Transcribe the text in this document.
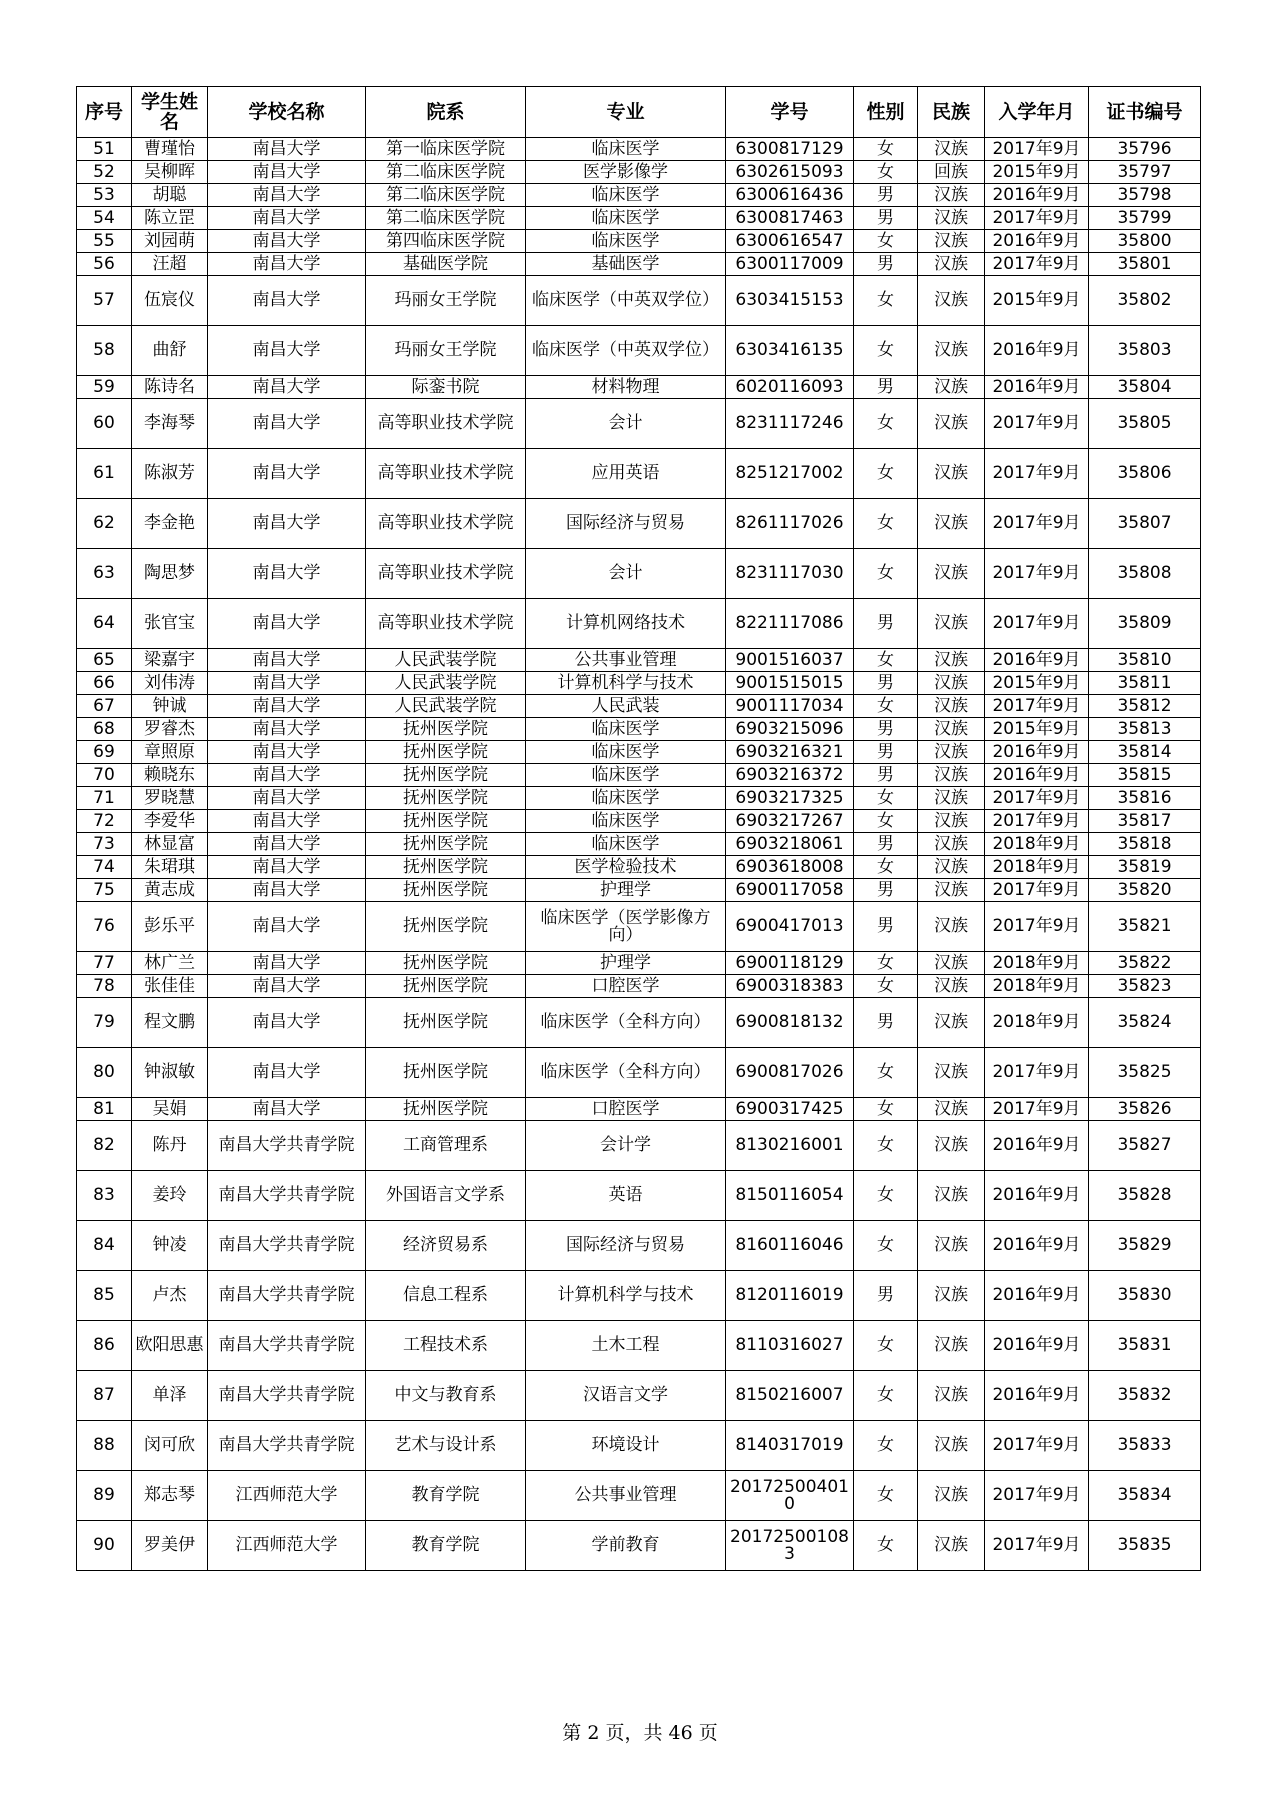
序号	学生姓名	学校名称	院系	专业	学号	性别	民族	入学年月	证书编号
51	曹瑾怡	南昌大学	第一临床医学院	临床医学	6300817129	女	汉族	2017年9月	35796
52	吴柳晖	南昌大学	第二临床医学院	医学影像学	6302615093	女	回族	2015年9月	35797
53	胡聪	南昌大学	第二临床医学院	临床医学	6300616436	男	汉族	2016年9月	35798
54	陈立罡	南昌大学	第二临床医学院	临床医学	6300817463	男	汉族	2017年9月	35799
55	刘园萌	南昌大学	第四临床医学院	临床医学	6300616547	女	汉族	2016年9月	35800
56	汪超	南昌大学	基础医学院	基础医学	6300117009	男	汉族	2017年9月	35801
57	伍宸仪	南昌大学	玛丽女王学院	临床医学（中英双学位）	6303415153	女	汉族	2015年9月	35802
58	曲舒	南昌大学	玛丽女王学院	临床医学（中英双学位）	6303416135	女	汉族	2016年9月	35803
59	陈诗名	南昌大学	际銮书院	材料物理	6020116093	男	汉族	2016年9月	35804
60	李海琴	南昌大学	高等职业技术学院	会计	8231117246	女	汉族	2017年9月	35805
61	陈淑芳	南昌大学	高等职业技术学院	应用英语	8251217002	女	汉族	2017年9月	35806
62	李金艳	南昌大学	高等职业技术学院	国际经济与贸易	8261117026	女	汉族	2017年9月	35807
63	陶思梦	南昌大学	高等职业技术学院	会计	8231117030	女	汉族	2017年9月	35808
64	张官宝	南昌大学	高等职业技术学院	计算机网络技术	8221117086	男	汉族	2017年9月	35809
65	梁嘉宇	南昌大学	人民武装学院	公共事业管理	9001516037	女	汉族	2016年9月	35810
66	刘伟涛	南昌大学	人民武装学院	计算机科学与技术	9001515015	男	汉族	2015年9月	35811
67	钟诚	南昌大学	人民武装学院	人民武装	9001117034	女	汉族	2017年9月	35812
68	罗睿杰	南昌大学	抚州医学院	临床医学	6903215096	男	汉族	2015年9月	35813
69	章照原	南昌大学	抚州医学院	临床医学	6903216321	男	汉族	2016年9月	35814
70	赖晓东	南昌大学	抚州医学院	临床医学	6903216372	男	汉族	2016年9月	35815
71	罗晓慧	南昌大学	抚州医学院	临床医学	6903217325	女	汉族	2017年9月	35816
72	李爱华	南昌大学	抚州医学院	临床医学	6903217267	女	汉族	2017年9月	35817
73	林显富	南昌大学	抚州医学院	临床医学	6903218061	男	汉族	2018年9月	35818
74	朱珺琪	南昌大学	抚州医学院	医学检验技术	6903618008	女	汉族	2018年9月	35819
75	黄志成	南昌大学	抚州医学院	护理学	6900117058	男	汉族	2017年9月	35820
76	彭乐平	南昌大学	抚州医学院	临床医学（医学影像方向）	6900417013	男	汉族	2017年9月	35821
77	林广兰	南昌大学	抚州医学院	护理学	6900118129	女	汉族	2018年9月	35822
78	张佳佳	南昌大学	抚州医学院	口腔医学	6900318383	女	汉族	2018年9月	35823
79	程文鹏	南昌大学	抚州医学院	临床医学（全科方向）	6900818132	男	汉族	2018年9月	35824
80	钟淑敏	南昌大学	抚州医学院	临床医学（全科方向）	6900817026	女	汉族	2017年9月	35825
81	吴娟	南昌大学	抚州医学院	口腔医学	6900317425	女	汉族	2017年9月	35826
82	陈丹	南昌大学共青学院	工商管理系	会计学	8130216001	女	汉族	2016年9月	35827
83	姜玲	南昌大学共青学院	外国语言文学系	英语	8150116054	女	汉族	2016年9月	35828
84	钟凌	南昌大学共青学院	经济贸易系	国际经济与贸易	8160116046	女	汉族	2016年9月	35829
85	卢杰	南昌大学共青学院	信息工程系	计算机科学与技术	8120116019	男	汉族	2016年9月	35830
86	欧阳思惠	南昌大学共青学院	工程技术系	土木工程	8110316027	女	汉族	2016年9月	35831
87	单泽	南昌大学共青学院	中文与教育系	汉语言文学	8150216007	女	汉族	2016年9月	35832
88	闵可欣	南昌大学共青学院	艺术与设计系	环境设计	8140317019	女	汉族	2017年9月	35833
89	郑志琴	江西师范大学	教育学院	公共事业管理	201725004010	女	汉族	2017年9月	35834
90	罗美伊	江西师范大学	教育学院	学前教育	201725001083	女	汉族	2017年9月	35835
第 2 页，共 46 页
